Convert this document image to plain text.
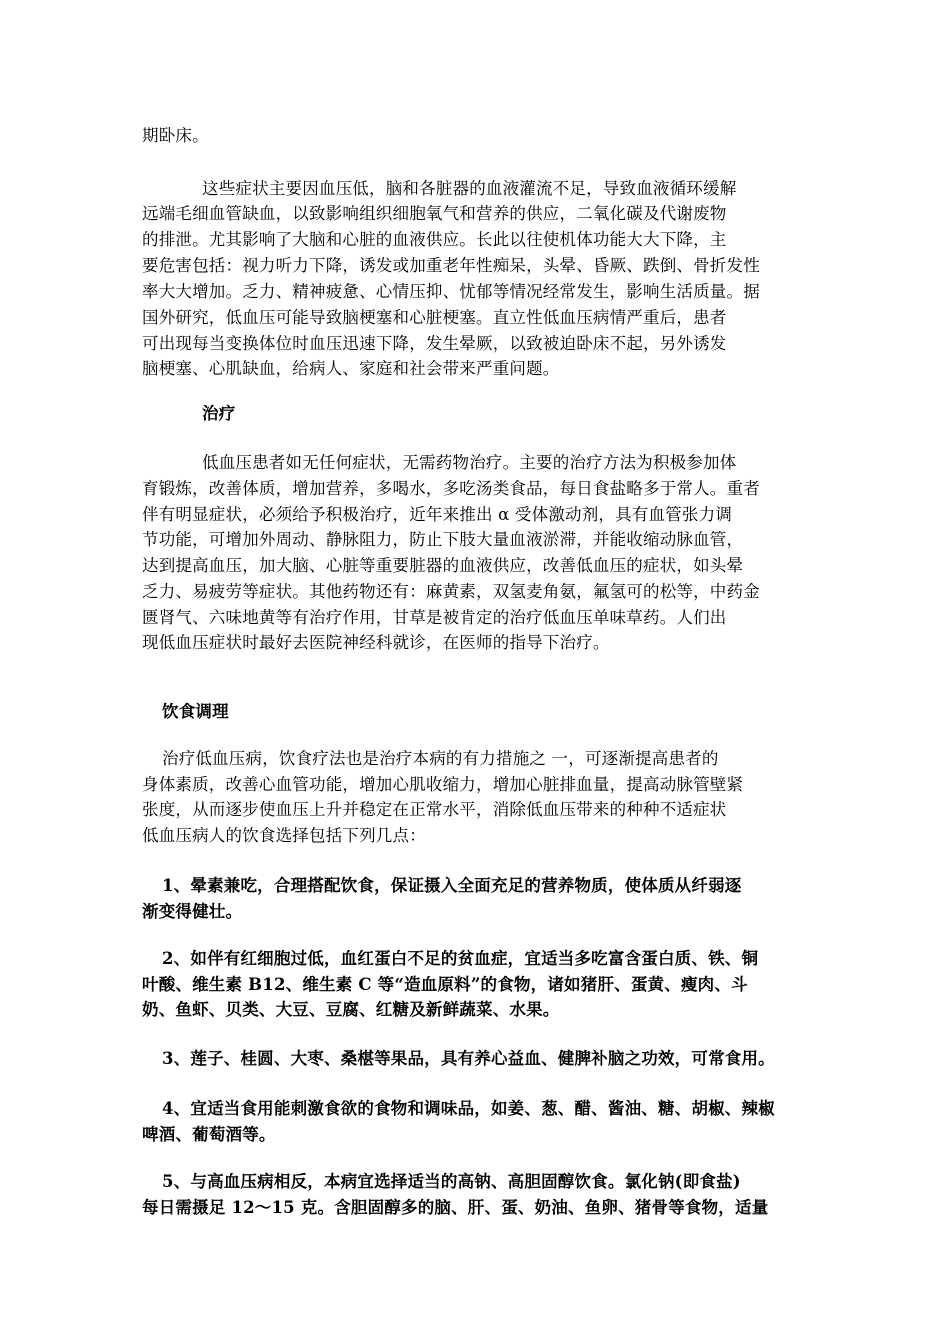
期卧床。
这些症状主要因血压低，脑和各脏器的血液灌流不足，导致血液循环缓解
远端毛细血管缺血，以致影响组织细胞氧气和营养的供应，二氧化碳及代谢废物
的排泄。尤其影响了大脑和心脏的血液供应。长此以往使机体功能大大下降，主
要危害包括：视力听力下降，诱发或加重老年性痴呆，头晕、昏厥、跌倒、骨折发性
率大大增加。乏力、精神疲惫、心情压抑、忧郁等情况经常发生，影响生活质量。据
国外研究，低血压可能导致脑梗塞和心脏梗塞。直立性低血压病情严重后，患者
可出现每当变换体位时血压迅速下降，发生晕厥，以致被迫卧床不起，另外诱发
脑梗塞、心肌缺血，给病人、家庭和社会带来严重问题。
治疗
低血压患者如无任何症状，无需药物治疗。主要的治疗方法为积极参加体
育锻炼，改善体质，增加营养，多喝水，多吃汤类食品，每日食盐略多于常人。重者
伴有明显症状，必须给予积极治疗，近年来推出 α 受体激动剂，具有血管张力调
节功能，可增加外周动、静脉阻力，防止下肢大量血液淤滞，并能收缩动脉血管，
达到提高血压，加大脑、心脏等重要脏器的血液供应，改善低血压的症状，如头晕
乏力、易疲劳等症状。其他药物还有：麻黄素，双氢麦角氨，氟氢可的松等，中药金
匮肾气、六味地黄等有治疗作用，甘草是被肯定的治疗低血压单味草药。人们出
现低血压症状时最好去医院神经科就诊，在医师的指导下治疗。
饮食调理
治疗低血压病，饮食疗法也是治疗本病的有力措施之 一，可逐渐提高患者的
身体素质，改善心血管功能，增加心肌收缩力，增加心脏排血量，提高动脉管壁紧
张度，从而逐步使血压上升并稳定在正常水平，消除低血压带来的种种不适症状
低血压病人的饮食选择包括下列几点：
1、晕素兼吃，合理搭配饮食，保证摄入全面充足的营养物质，使体质从纤弱逐
渐变得健壮。
2、如伴有红细胞过低，血红蛋白不足的贫血症，宜适当多吃富含蛋白质、铁、铜
叶酸、维生素 B12、维生素 C 等“造血原料”的食物，诸如猪肝、蛋黄、瘦肉、斗
奶、鱼虾、贝类、大豆、豆腐、红糖及新鲜蔬菜、水果。
3、莲子、桂圆、大枣、桑椹等果品，具有养心益血、健脾补脑之功效，可常食用。
4、宜适当食用能刺激食欲的食物和调味品，如姜、葱、醋、酱油、糖、胡椒、辣椒
啤酒、葡萄酒等。
5、与高血压病相反，本病宜选择适当的高钠、高胆固醇饮食。氯化钠(即食盐)
每日需摄足 12～15 克。含胆固醇多的脑、肝、蛋、奶油、鱼卵、猪骨等食物，适量
